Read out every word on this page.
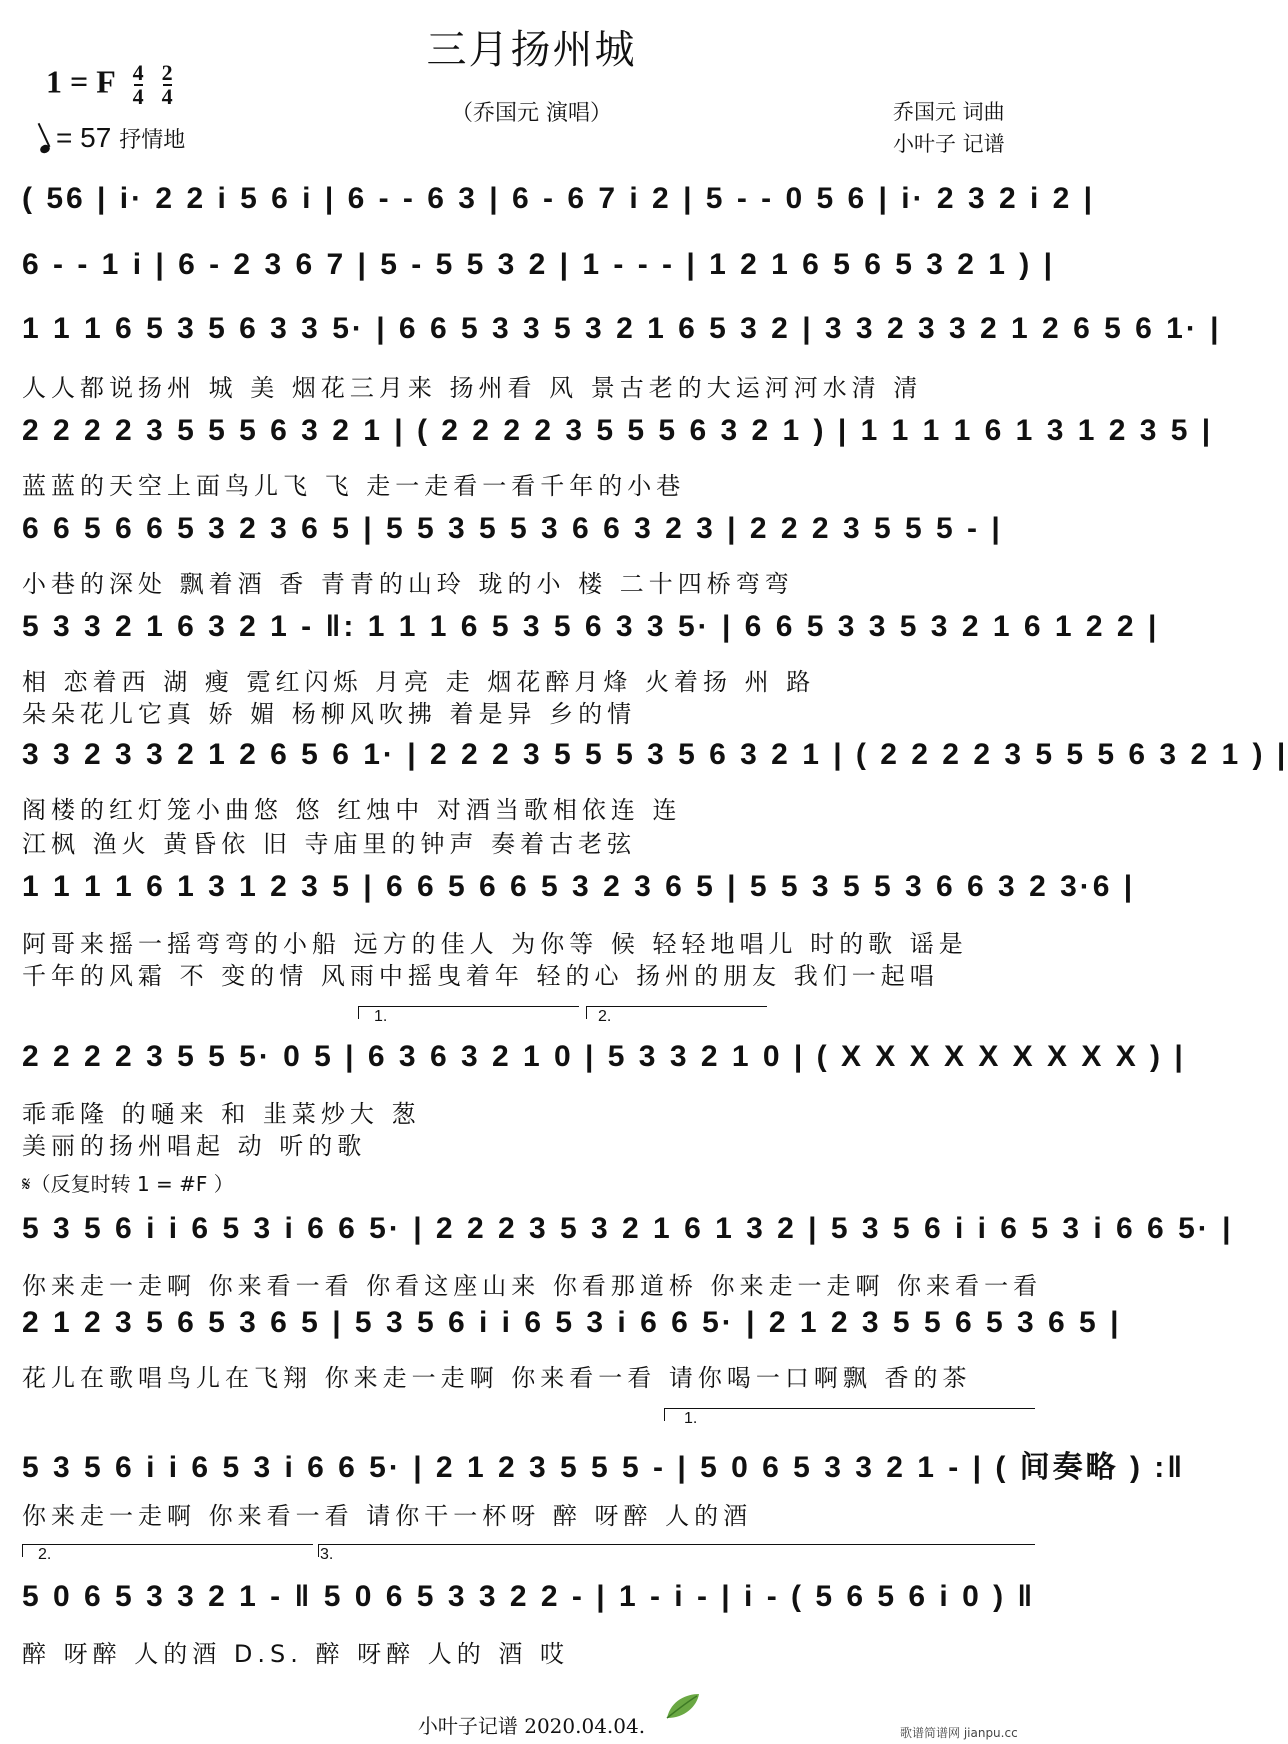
三月扬州城
（乔国元 演唱）	乔国元 词曲
小叶子 记谱
1 = F $\frac{4}{4}$
$\frac{2}{4}$
= 57 抒情地
( 56 | i· 2 2 i 5 6 i | 6 - - 6 3 | 6 - 6 7 i 2 | 5 - - 0 5 6 | i· 2 3 2 i 2 |
6 - - 1 i | 6 - 2 3 6 7 | 5 - 5 5 3 2 | 1 - - - | 1 2 1 6 5 6 5 3 2 1 ) |
1 1 1 6 5 3 5 6 3 3 5· | 6 6 5 3 3 5 3 2 1 6 5 3 2 | 3 3 2 3 3 2 1 2 6 5 6 1· |
人人都说扬州 城 美 烟花三月来 扬州看 风 景古老的大运河河水清 清
2 2 2 2 3 5 5 5 6 3 2 1 | ( 2 2 2 2 3 5 5 5 6 3 2 1 ) | 1 1 1 1 6 1 3 1 2 3 5 |
蓝蓝的天空上面鸟儿飞 飞 走一走看一看千年的小巷
6 6 5 6 6 5 3 2 3 6 5 | 5 5 3 5 5 3 6 6 3 2 3 | 2 2 2 3 5 5 5 - |
小巷的深处 飘着酒 香 青青的山玲 珑的小 楼 二十四桥弯弯
5 3 3 2 1 6 3 2 1 - ‖: 1 1 1 6 5 3 5 6 3 3 5· | 6 6 5 3 3 5 3 2 1 6 1 2 2 |
相 恋着西 湖 瘦 霓红闪烁 月亮 走 烟花醉月烽 火着扬 州 路
朵朵花儿它真 娇 媚 杨柳风吹拂 着是异 乡的情
3 3 2 3 3 2 1 2 6 5 6 1· | 2 2 2 3 5 5 5 3 5 6 3 2 1 | ( 2 2 2 2 3 5 5 5 6 3 2 1 ) |
阁楼的红灯笼小曲悠 悠 红烛中 对酒当歌相依连 连
江枫 渔火 黄昏依 旧 寺庙里的钟声 奏着古老弦
1 1 1 1 6 1 3 1 2 3 5 | 6 6 5 6 6 5 3 2 3 6 5 | 5 5 3 5 5 3 6 6 3 2 3·6 |
阿哥来摇一摇弯弯的小船 远方的佳人 为你等 候 轻轻地唱儿 时的歌 谣是
千年的风霜 不 变的情 风雨中摇曳着年 轻的心 扬州的朋友 我们一起唱
1.	2.
2 2 2 2 3 5 5 5· 0 5 | 6 3 6 3 2 1 0 | 5 3 3 2 1 0 | ( X X X X X X X X X ) |
乖乖隆 的嗵来 和 韭菜炒大 葱
美丽的扬州唱起 动 听的歌
𝄋（反复时转 1 = #F ）
5 3 5 6 i i 6 5 3 i 6 6 5· | 2 2 2 3 5 3 2 1 6 1 3 2 | 5 3 5 6 i i 6 5 3 i 6 6 5· |
你来走一走啊 你来看一看 你看这座山来 你看那道桥 你来走一走啊 你来看一看
2 1 2 3 5 6 5 3 6 5 | 5 3 5 6 i i 6 5 3 i 6 6 5· | 2 1 2 3 5 5 6 5 3 6 5 |
花儿在歌唱鸟儿在飞翔 你来走一走啊 你来看一看 请你喝一口啊飘 香的茶
1.
5 3 5 6 i i 6 5 3 i 6 6 5· | 2 1 2 3 5 5 5 - | 5 0 6 5 3 3 2 1 - | ( 间奏略 ) :‖
你来走一走啊 你来看一看 请你干一杯呀 醉 呀醉 人的酒
2.	3.
5 0 6 5 3 3 2 1 - ‖ 5 0 6 5 3 3 2 2 - | 1 - i - | i - ( 5 6 5 6 i 0 ) ‖
醉 呀醉 人的酒 D.S. 醉 呀醉 人的 酒 哎
小叶子记谱 2020.04.04.	歌谱简谱网 jianpu.cc
